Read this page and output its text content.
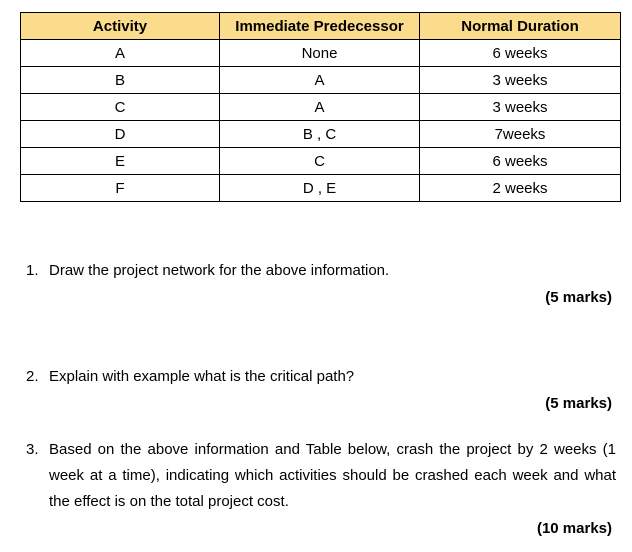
Activity	Immediate Predecessor	Normal Duration
A	None	6 weeks
B	A	3 weeks
C	A	3 weeks
D	B , C	7weeks
E	C	6 weeks
F	D , E	2 weeks
1. Draw the project network for the above information.
(5 marks)
2. Explain with example what is the critical path?
(5 marks)
3. Based on the above information and Table below, crash the project by 2 weeks (1 week at a time), indicating which activities should be crashed each week and what the effect is on the total project cost.
(10 marks)
